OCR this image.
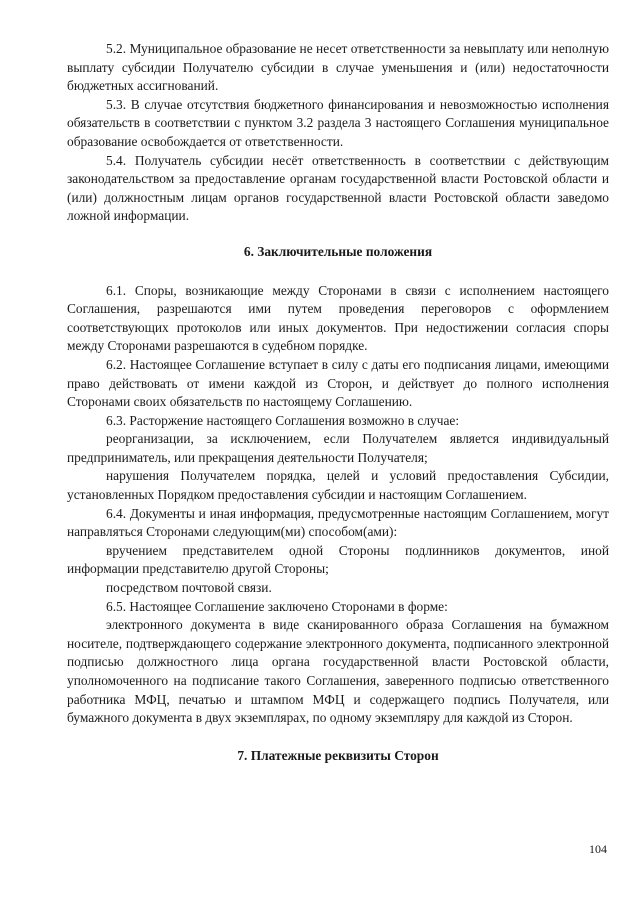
5.2. Муниципальное образование не несет ответственности за невыплату или неполную выплату субсидии Получателю субсидии в случае уменьшения и (или) недостаточности бюджетных ассигнований.

5.3. В случае отсутствия бюджетного финансирования и невозможностью исполнения обязательств в соответствии с пунктом 3.2 раздела 3 настоящего Соглашения муниципальное образование освобождается от ответственности.

5.4. Получатель субсидии несёт ответственность в соответствии с действующим законодательством за предоставление органам государственной власти Ростовской области и (или) должностным лицам органов государственной власти Ростовской области заведомо ложной информации.

6. Заключительные положения

6.1. Споры, возникающие между Сторонами в связи с исполнением настоящего Соглашения, разрешаются ими путем проведения переговоров с оформлением соответствующих протоколов или иных документов. При недостижении согласия споры между Сторонами разрешаются в судебном порядке.

6.2. Настоящее Соглашение вступает в силу с даты его подписания лицами, имеющими право действовать от имени каждой из Сторон, и действует до полного исполнения Сторонами своих обязательств по настоящему Соглашению.

6.3. Расторжение настоящего Соглашения возможно в случае:

реорганизации, за исключением, если Получателем является индивидуальный предприниматель, или прекращения деятельности Получателя;

нарушения Получателем порядка, целей и условий предоставления Субсидии, установленных Порядком предоставления субсидии и настоящим Соглашением.

6.4. Документы и иная информация, предусмотренные настоящим Соглашением, могут направляться Сторонами следующим(ми) способом(ами):

вручением представителем одной Стороны подлинников документов, иной информации представителю другой Стороны;

посредством почтовой связи.

6.5. Настоящее Соглашение заключено Сторонами в форме:

электронного документа в виде сканированного образа Соглашения на бумажном носителе, подтверждающего содержание электронного документа, подписанного электронной подписью должностного лица органа государственной власти Ростовской области, уполномоченного на подписание такого Соглашения, заверенного подписью ответственного работника МФЦ, печатью и штампом МФЦ и содержащего подпись Получателя, или бумажного документа в двух экземплярах, по одному экземпляру для каждой из Сторон.

7. Платежные реквизиты Сторон

104
